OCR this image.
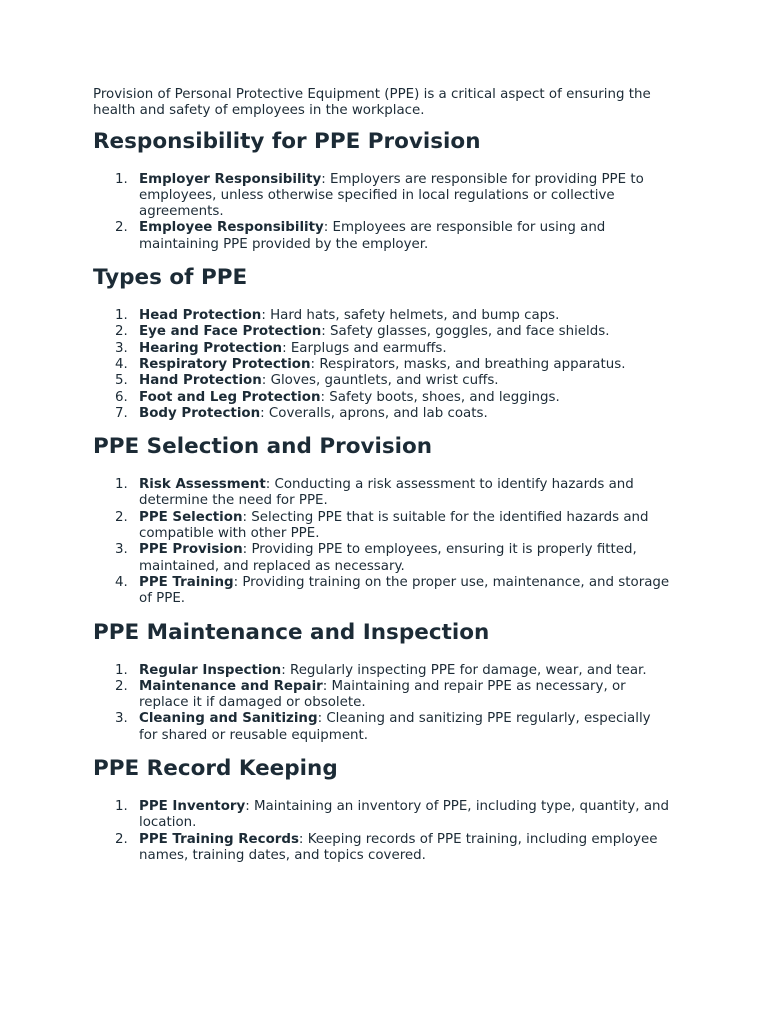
Provision of Personal Protective Equipment (PPE) is a critical aspect of ensuring the health and safety of employees in the workplace.

Responsibility for PPE Provision
1. Employer Responsibility: Employers are responsible for providing PPE to employees, unless otherwise specified in local regulations or collective agreements.
2. Employee Responsibility: Employees are responsible for using and maintaining PPE provided by the employer.
Types of PPE
1. Head Protection: Hard hats, safety helmets, and bump caps.
2. Eye and Face Protection: Safety glasses, goggles, and face shields.
3. Hearing Protection: Earplugs and earmuffs.
4. Respiratory Protection: Respirators, masks, and breathing apparatus.
5. Hand Protection: Gloves, gauntlets, and wrist cuffs.
6. Foot and Leg Protection: Safety boots, shoes, and leggings.
7. Body Protection: Coveralls, aprons, and lab coats.
PPE Selection and Provision
1. Risk Assessment: Conducting a risk assessment to identify hazards and determine the need for PPE.
2. PPE Selection: Selecting PPE that is suitable for the identified hazards and compatible with other PPE.
3. PPE Provision: Providing PPE to employees, ensuring it is properly fitted, maintained, and replaced as necessary.
4. PPE Training: Providing training on the proper use, maintenance, and storage of PPE.
PPE Maintenance and Inspection
1. Regular Inspection: Regularly inspecting PPE for damage, wear, and tear.
2. Maintenance and Repair: Maintaining and repair PPE as necessary, or replace it if damaged or obsolete.
3. Cleaning and Sanitizing: Cleaning and sanitizing PPE regularly, especially for shared or reusable equipment.
PPE Record Keeping
1. PPE Inventory: Maintaining an inventory of PPE, including type, quantity, and location.
2. PPE Training Records: Keeping records of PPE training, including employee names, training dates, and topics covered.
